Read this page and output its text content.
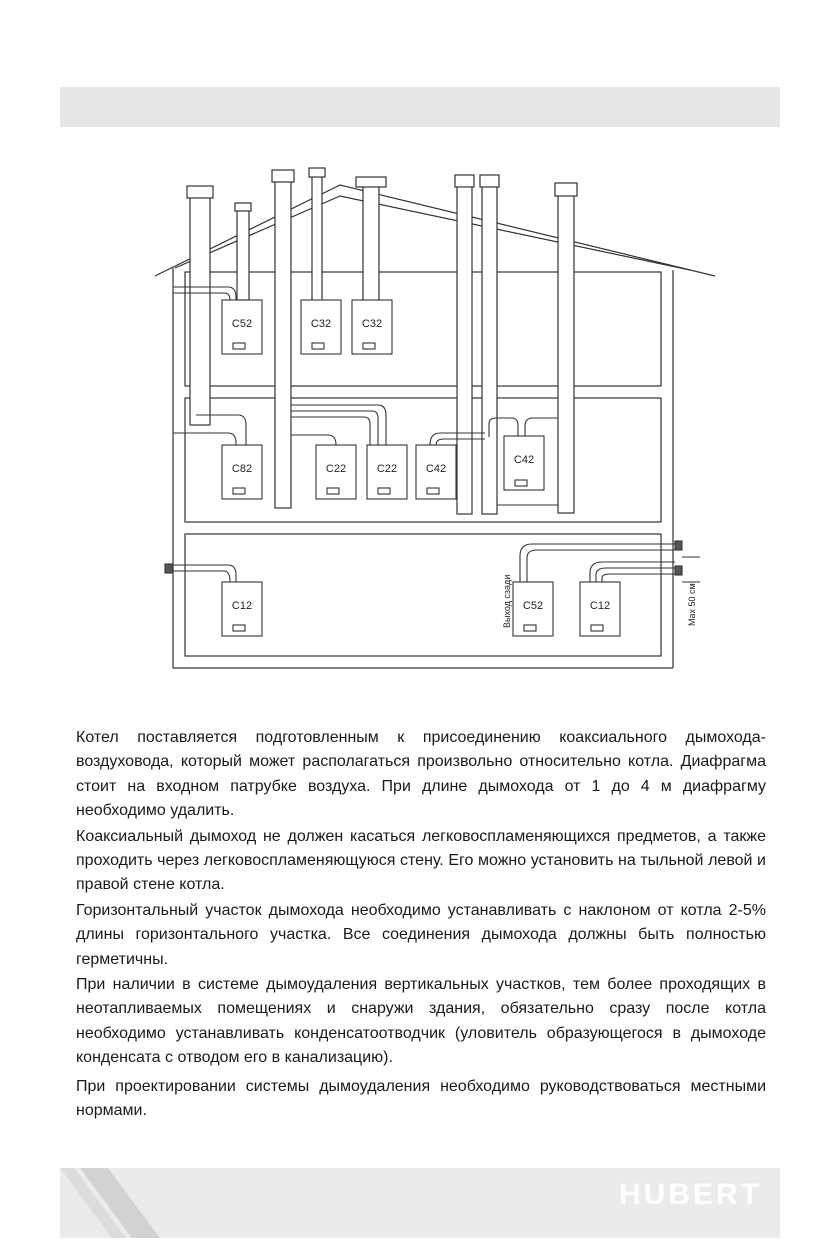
C52	C32	C32
C82	C22	C22	C42
C42
C12	C52	C12
Выход сзади	Max 50 см

Котел поставляется подготовленным к присоединению коаксиального дымохода-воздуховода, который может располагаться произвольно относительно котла. Диафрагма стоит на входном патрубке воздуха. При длине дымохода от 1 до 4 м диафрагму необходимо удалить.

Коаксиальный дымоход не должен касаться легковоспламеняющихся предметов, а также проходить через легковоспламеняющуюся стену. Его можно установить на тыльной левой и правой стене котла.

Горизонтальный участок дымохода необходимо устанавливать с наклоном от котла 2-5% длины горизонтального участка. Все соединения дымохода должны быть полностью герметичны.

При наличии в системе дымоудаления вертикальных участков, тем более проходящих в неотапливаемых помещениях и снаружи здания, обязательно сразу после котла необходимо устанавливать конденсатоотводчик (уловитель образующегося в дымоходе конденсата с отводом его в канализацию).

При проектировании системы дымоудаления необходимо руководствоваться местными нормами.

HUBERT
